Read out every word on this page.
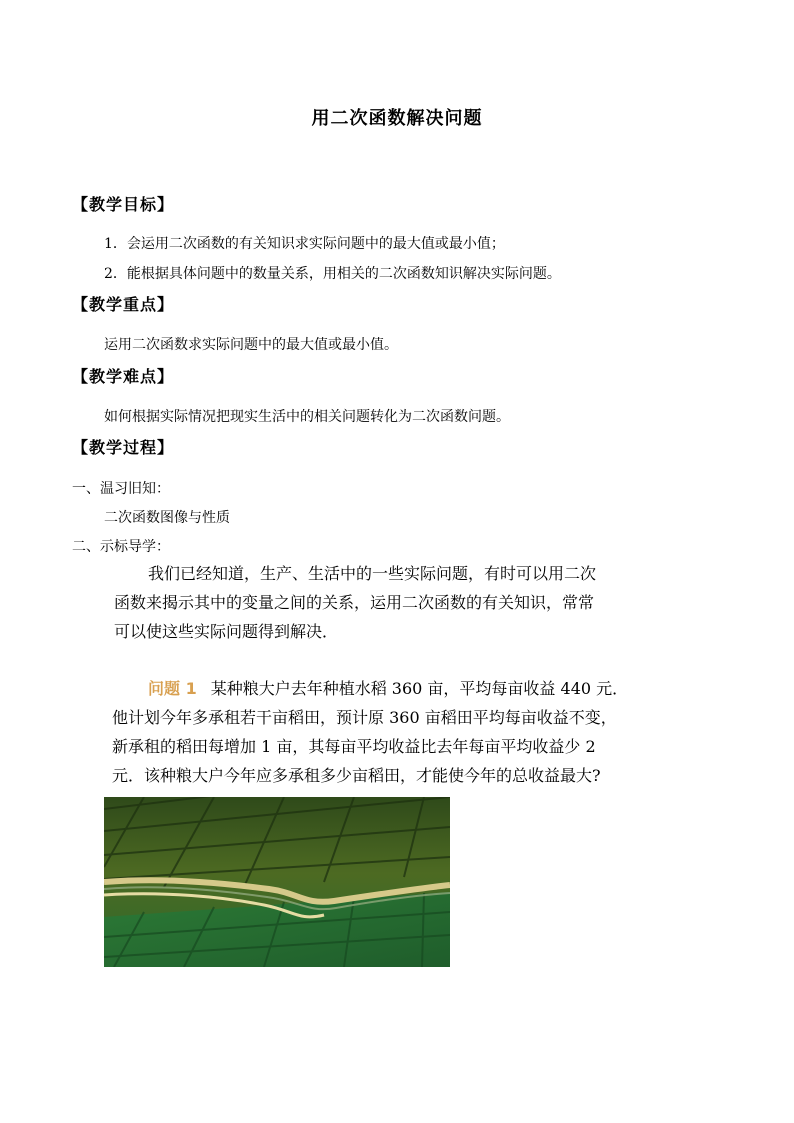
用二次函数解决问题
【教学目标】
1．会运用二次函数的有关知识求实际问题中的最大值或最小值；
2．能根据具体问题中的数量关系，用相关的二次函数知识解决实际问题。
【教学重点】
运用二次函数求实际问题中的最大值或最小值。
【教学难点】
如何根据实际情况把现实生活中的相关问题转化为二次函数问题。
【教学过程】
一、温习旧知：
二次函数图像与性质
二、示标导学：
我们已经知道，生产、生活中的一些实际问题，有时可以用二次
函数来揭示其中的变量之间的关系，运用二次函数的有关知识，常常
可以使这些实际问题得到解决．
问题 1 某种粮大户去年种植水稻 360 亩，平均每亩收益 440 元．
他计划今年多承租若干亩稻田，预计原 360 亩稻田平均每亩收益不变，
新承租的稻田每增加 1 亩，其每亩平均收益比去年每亩平均收益少 2
元．该种粮大户今年应多承租多少亩稻田，才能使今年的总收益最大?
